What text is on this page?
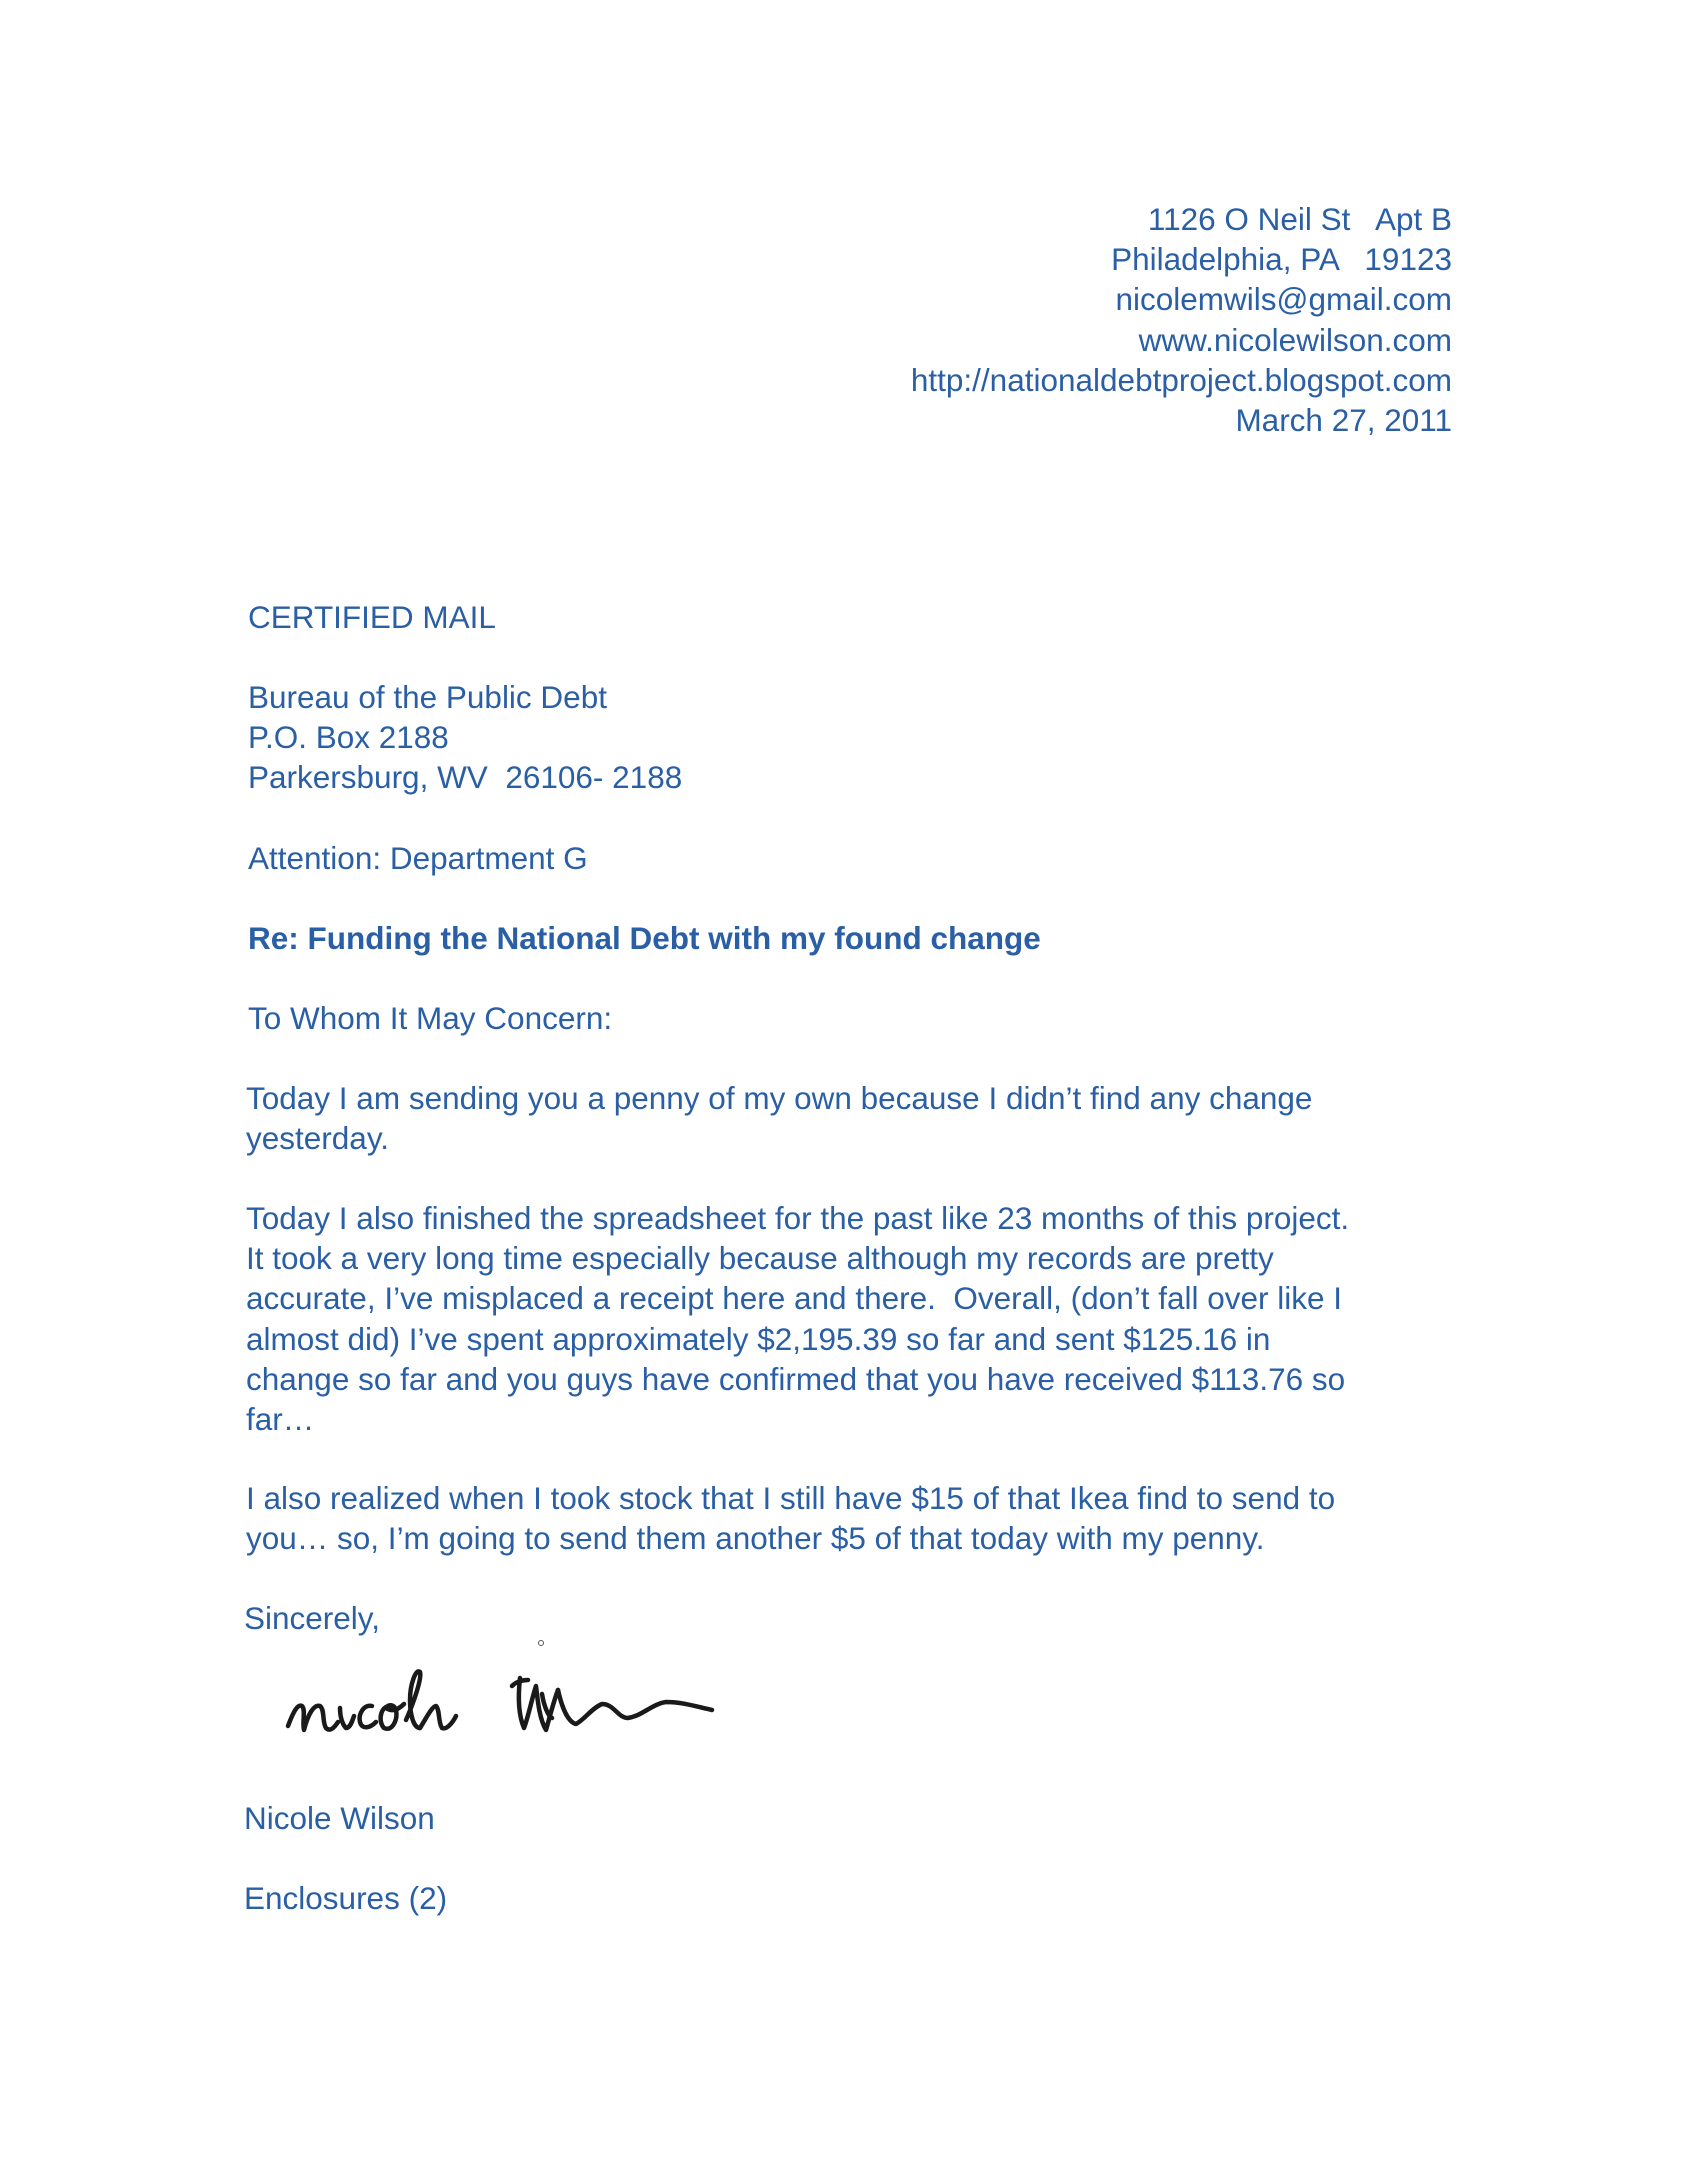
1126 O Neil St   Apt B
Philadelphia, PA   19123
nicolemwils@gmail.com
www.nicolewilson.com
http://nationaldebtproject.blogspot.com
March 27, 2011
CERTIFIED MAIL
Bureau of the Public Debt
P.O. Box 2188
Parkersburg, WV  26106- 2188
Attention: Department G
Re: Funding the National Debt with my found change
To Whom It May Concern:
Today I am sending you a penny of my own because I didn’t find any change
yesterday.
Today I also finished the spreadsheet for the past like 23 months of this project.
It took a very long time especially because although my records are pretty
accurate, I’ve misplaced a receipt here and there.  Overall, (don’t fall over like I
almost did) I’ve spent approximately $2,195.39 so far and sent $125.16 in
change so far and you guys have confirmed that you have received $113.76 so
far…
I also realized when I took stock that I still have $15 of that Ikea find to send to
you… so, I’m going to send them another $5 of that today with my penny.
Sincerely,
Nicole Wilson
Enclosures (2)
